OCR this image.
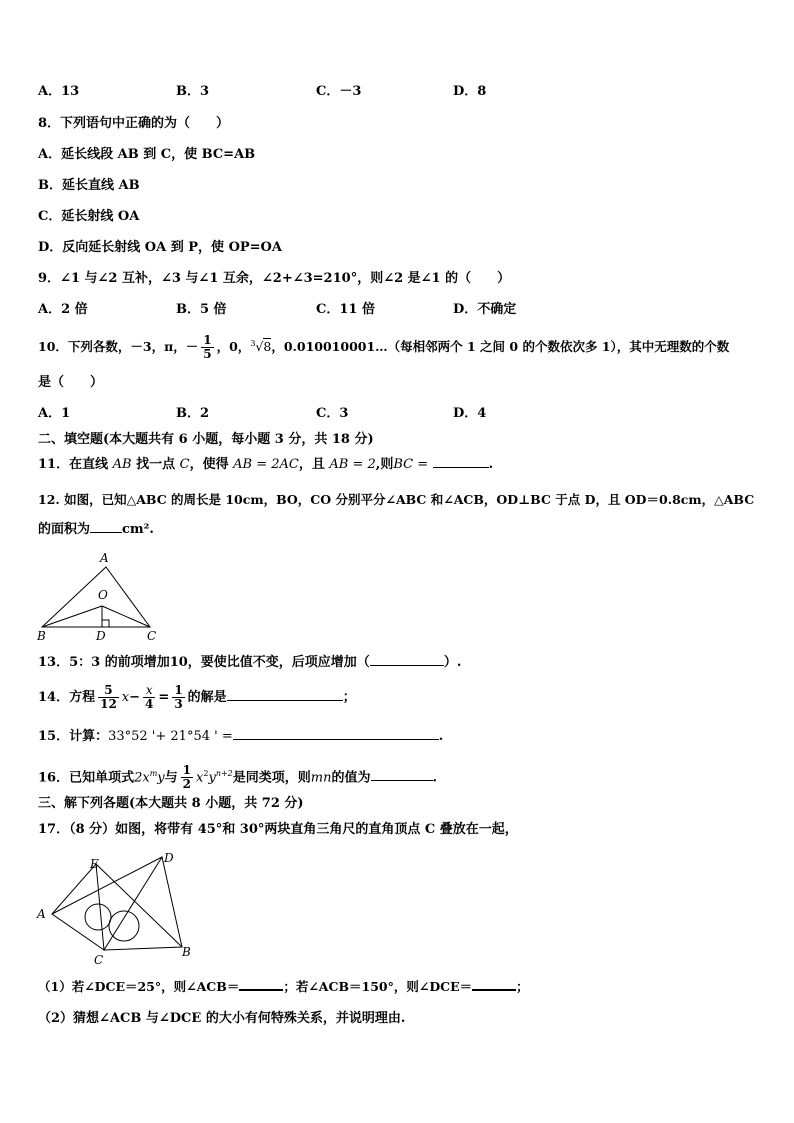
A．13	B．3	C．－3	D．8
8．下列语句中正确的为（　　）
A．延长线段 AB 到 C，使 BC=AB
B．延长直线 AB
C．延长射线 OA
D．反向延长射线 OA 到 P，使 OP=OA
9．∠1 与∠2 互补，∠3 与∠1 互余，∠2+∠3=210°，则∠2 是∠1 的（　　）
A．2 倍	B．5 倍	C．11 倍	D．不确定
10．下列各数，－3，π，－ $\frac{1}{5}$ ，0，$^3$√8，0.010010001…（每相邻两个 1 之间 0 的个数依次多 1），其中无理数的个数
是（　　）
A．1	B．2	C．3	D．4
二、填空题(本大题共有 6 小题，每小题 3 分，共 18 分)
11．在直线 AB 找一点 C，使得 AB = 2AC，且 AB = 2,则BC =	.
12. 如图，已知△ABC 的周长是 10cm，BO，CO 分别平分∠ABC 和∠ACB，OD⊥BC 于点 D，且 OD＝0.8cm，△ABC
的面积为 cm².
A
O
B	D	C
13．5：3 的前项增加10，要使比值不变，后项应增加（	）.
14．方程 $\frac{5}{12} x- \frac{x}{4} = \frac{1}{3}$ 的解是	；
15．计算：33°52 '+ 21°54 ' =	.
16．已知单项式$2x^my$与 $\frac{1}{2} x^2y^{n+2}$是同类项，则mn的值为	.
三、解下列各题(本大题共 8 小题，共 72 分)
17．（8 分）如图，将带有 45°和 30°两块直角三角尺的直角顶点 C 叠放在一起，
E	D
A
C
B
（1）若∠DCE＝25°，则∠ACB＝	；若∠ACB＝150°，则∠DCE＝	；
（2）猜想∠ACB 与∠DCE 的大小有何特殊关系，并说明理由.
